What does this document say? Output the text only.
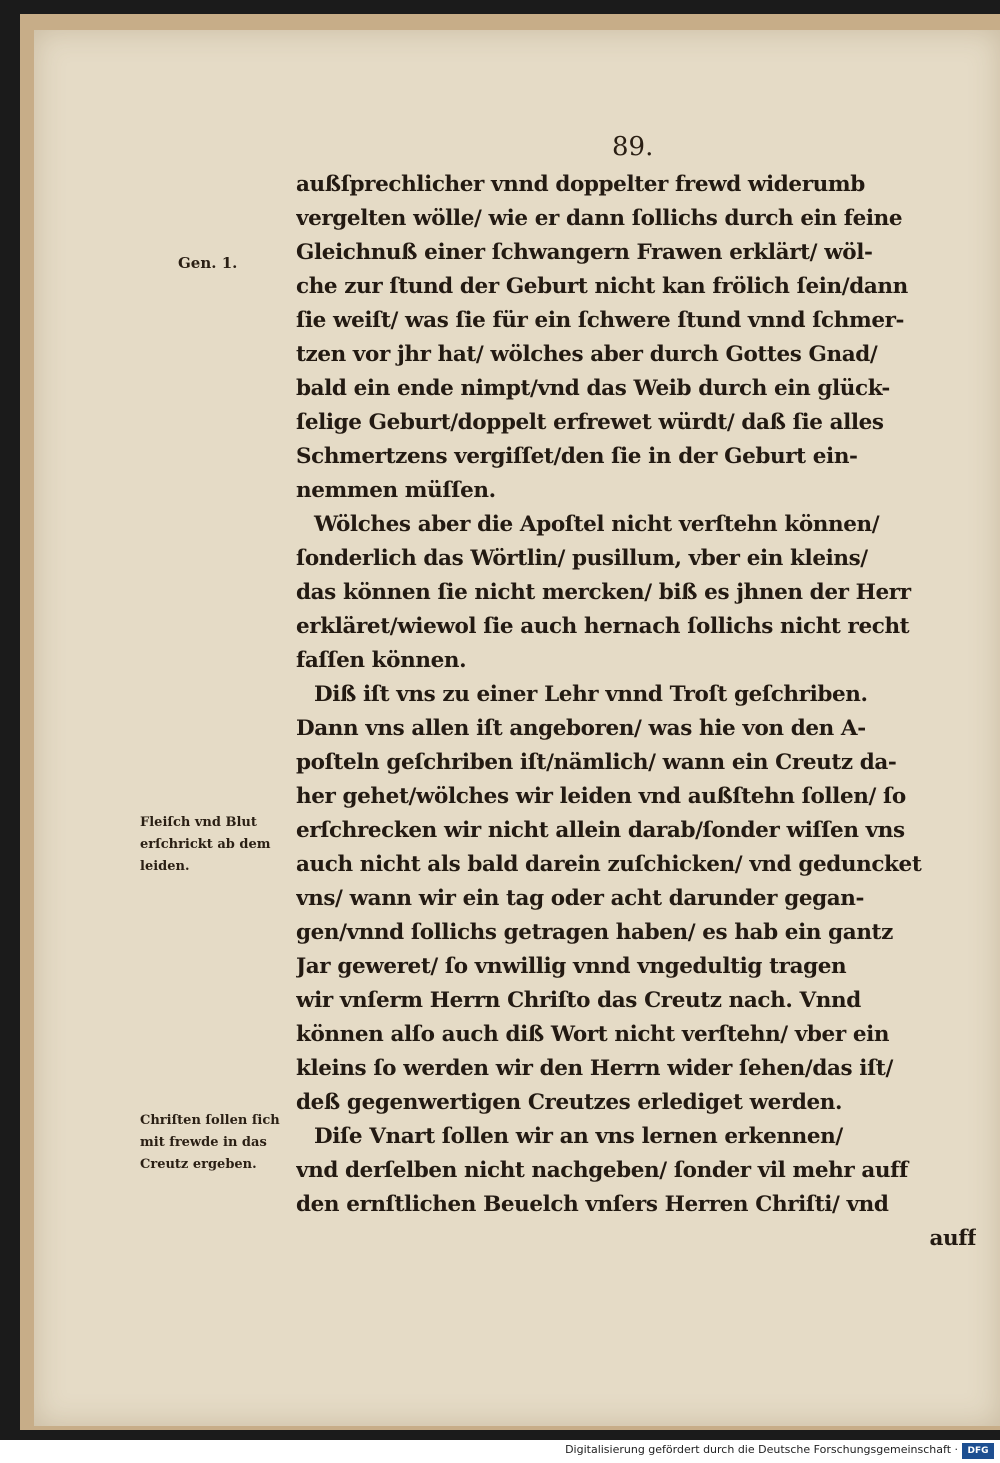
89.
außſprechlicher vnnd doppelter frewd widerumb
vergelten wölle/ wie er dann ſollichs durch ein feine
Gleichnuß einer ſchwangern Frawen erklärt/ wöl-
che zur ſtund der Geburt nicht kan frölich ſein/dann
ſie weiſt/ was ſie für ein ſchwere ſtund vnnd ſchmer-
tzen vor jhr hat/ wölches aber durch Gottes Gnad/
bald ein ende nimpt/vnd das Weib durch ein glück-
ſelige Geburt/doppelt erfrewet würdt/ daß ſie alles
Schmertzens vergiſſet/den ſie in der Geburt ein-
nemmen müſſen.
Wölches aber die Apoſtel nicht verſtehn können/
ſonderlich das Wörtlin/ pusillum, vber ein kleins/
das können ſie nicht mercken/ biß es jhnen der Herr
erkläret/wiewol ſie auch hernach ſollichs nicht recht
faſſen können.
Diß iſt vns zu einer Lehr vnnd Troſt geſchriben.
Dann vns allen iſt angeboren/ was hie von den A-
poſteln geſchriben iſt/nämlich/ wann ein Creutz da-
her gehet/wölches wir leiden vnd außſtehn ſollen/ ſo
erſchrecken wir nicht allein darab/ſonder wiſſen vns
auch nicht als bald darein zuſchicken/ vnd geduncket
vns/ wann wir ein tag oder acht darunder gegan-
gen/vnnd ſollichs getragen haben/ es hab ein gantz
Jar geweret/ ſo vnwillig vnnd vngedultig tragen
wir vnſerm Herrn Chriſto das Creutz nach. Vnnd
können alſo auch diß Wort nicht verſtehn/ vber ein
kleins ſo werden wir den Herrn wider ſehen/das iſt/
deß gegenwertigen Creutzes erlediget werden.
Diſe Vnart ſollen wir an vns lernen erkennen/
vnd derſelben nicht nachgeben/ ſonder vil mehr auff
den ernſtlichen Beuelch vnſers Herren Chriſti/ vnd
auff
Gen. 1.
Fleiſch vnd Blut
erſchrickt ab dem
leiden.
Chriſten ſollen ſich
mit frewde in das
Creutz ergeben.
Digitalisierung gefördert durch die Deutsche Forschungsgemeinschaft ·	DFG
